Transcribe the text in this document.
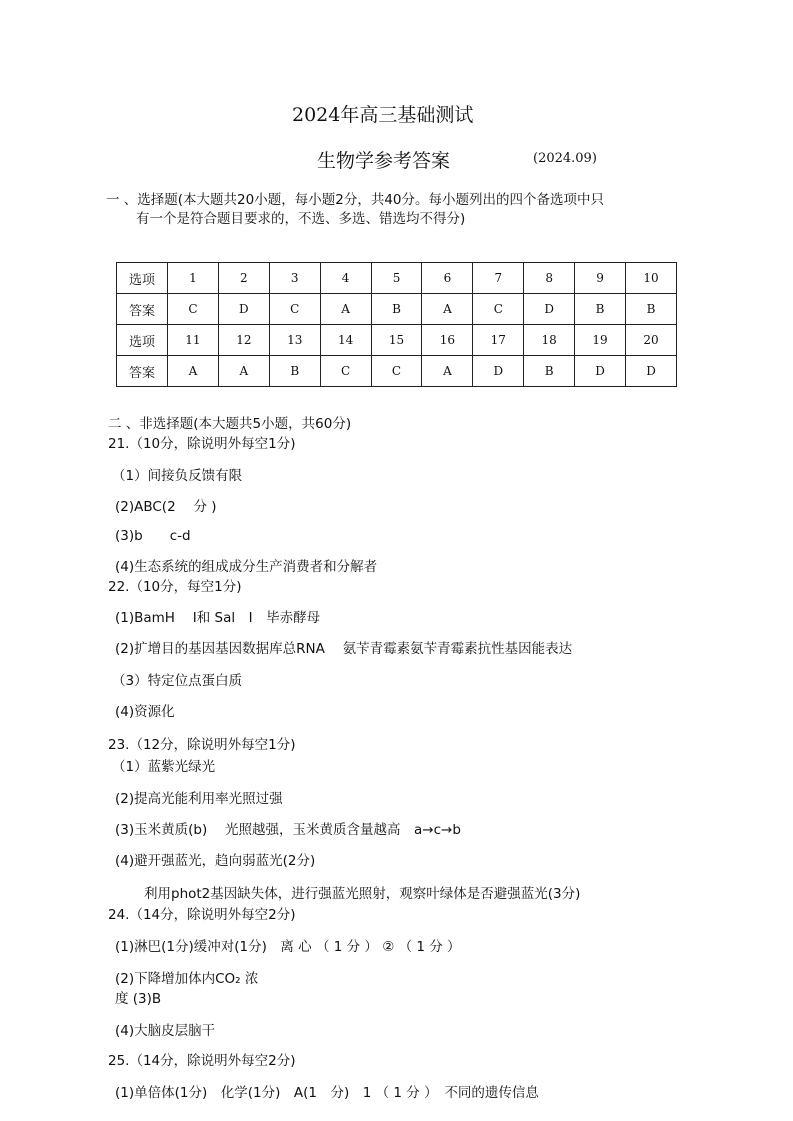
2024年高三基础测试
生物学参考答案	(2024.09)
一 、选择题(本大题共20小题，每小题2分，共40分。每小题列出的四个备选项中只
有一个是符合题目要求的，不选、多选、错选均不得分)
选项	1	2	3	4	5	6	7	8	9	10
答案	C	D	C	A	B	A	C	D	B	B
选项	11	12	13	14	15	16	17	18	19	20
答案	A	A	B	C	C	A	D	B	D	D
二 、非选择题(本大题共5小题，共60分)
21.（10分，除说明外每空1分)
（1）间接负反馈有限
(2)ABC(2　 分 )
(3)b　　c-d
(4)生态系统的组成成分生产消费者和分解者
22.（10分，每空1分)
(1)BamH　 I和 Sal　I　毕赤酵母
(2)扩增目的基因基因数据库总RNA　 氨苄青霉素氨苄青霉素抗性基因能表达
（3）特定位点蛋白质
(4)资源化
23.（12分，除说明外每空1分)
（1）蓝紫光绿光
(2)提高光能利用率光照过强
(3)玉米黄质(b)　 光照越强，玉米黄质含量越高　a→c→b
(4)避开强蓝光，趋向弱蓝光(2分)
利用phot2基因缺失体，进行强蓝光照射，观察叶绿体是否避强蓝光(3分)
24.（14分，除说明外每空2分)
(1)淋巴(1分)缓冲对(1分)　离 心 （ 1 分 ） ② （ 1 分 ）
(2)下降增加体内CO₂ 浓
度 (3)B
(4)大脑皮层脑干
25.（14分，除说明外每空2分)
(1)单倍体(1分)　化学(1分)　A(1　分)　1 （ 1 分 ）　不同的遗传信息
